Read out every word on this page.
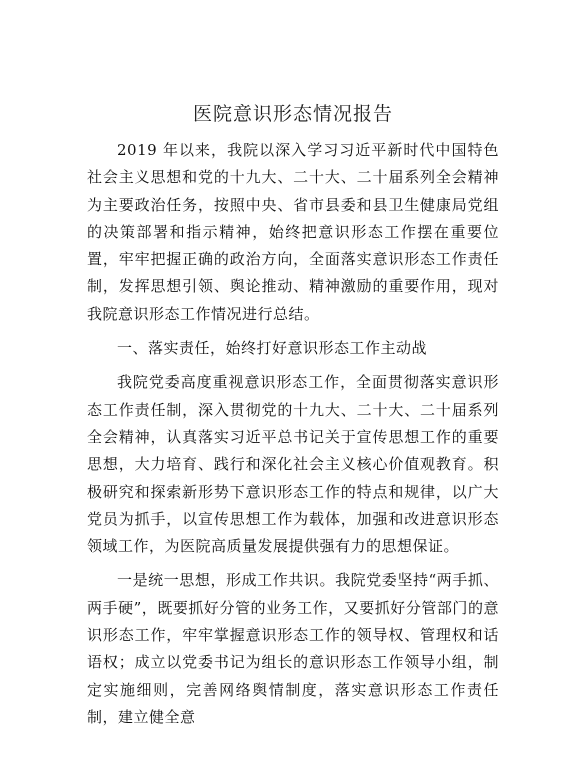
医院意识形态情况报告

2019 年以来，我院以深入学习习近平新时代中国特色社会主义思想和党的十九大、二十大、二十届系列全会精神为主要政治任务，按照中央、省市县委和县卫生健康局党组的决策部署和指示精神，始终把意识形态工作摆在重要位置，牢牢把握正确的政治方向，全面落实意识形态工作责任制，发挥思想引领、舆论推动、精神激励的重要作用，现对我院意识形态工作情况进行总结。

一、落实责任，始终打好意识形态工作主动战

我院党委高度重视意识形态工作，全面贯彻落实意识形态工作责任制，深入贯彻党的十九大、二十大、二十届系列全会精神，认真落实习近平总书记关于宣传思想工作的重要思想，大力培育、践行和深化社会主义核心价值观教育。积极研究和探索新形势下意识形态工作的特点和规律，以广大党员为抓手，以宣传思想工作为载体，加强和改进意识形态领域工作，为医院高质量发展提供强有力的思想保证。

一是统一思想，形成工作共识。我院党委坚持“两手抓、两手硬”，既要抓好分管的业务工作，又要抓好分管部门的意识形态工作，牢牢掌握意识形态工作的领导权、管理权和话语权；成立以党委书记为组长的意识形态工作领导小组，制定实施细则，完善网络舆情制度，落实意识形态工作责任制，建立健全意
